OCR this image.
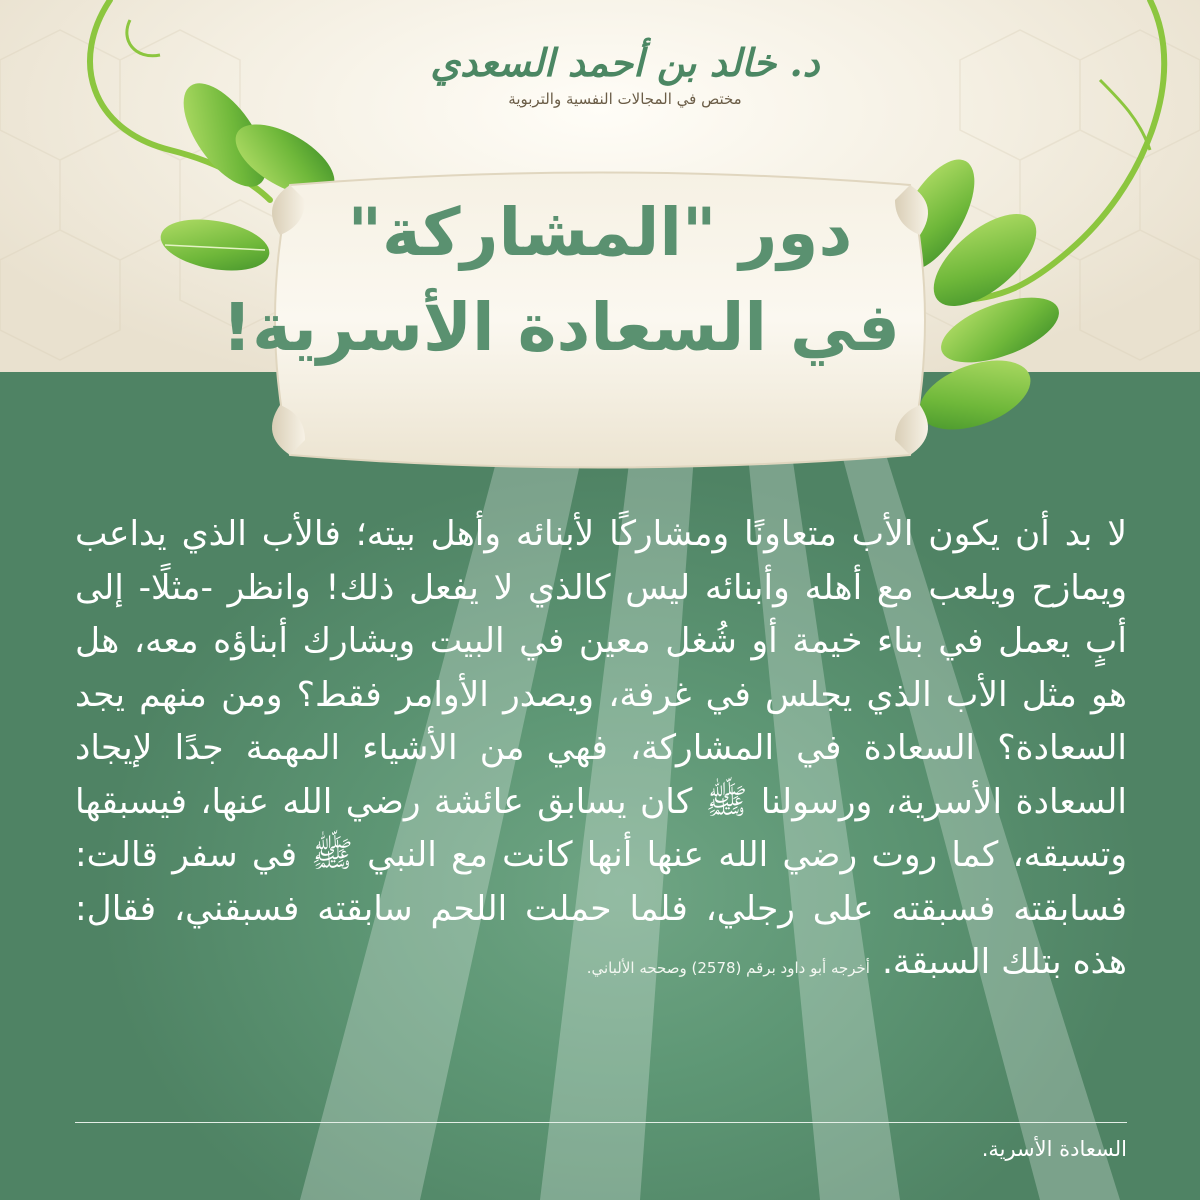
د. خالد بن أحمد السعدي
مختص في المجالات النفسية والتربوية
دور "المشاركة"
في السعادة الأسرية!

لا بد أن يكون الأب متعاونًا ومشاركًا لأبنائه وأهل بيته؛ فالأب الذي يداعب ويمازح ويلعب مع أهله وأبنائه ليس كالذي لا يفعل ذلك! وانظر -مثلًا- إلى أبٍ يعمل في بناء خيمة أو شُغل معين في البيت ويشارك أبناؤه معه، هل هو مثل الأب الذي يجلس في غرفة، ويصدر الأوامر فقط؟ ومن منهم يجد السعادة؟ السعادة في المشاركة، فهي من الأشياء المهمة جدًا لإيجاد السعادة الأسرية، ورسولنا ﷺ كان يسابق عائشة رضي الله عنها، فيسبقها وتسبقه، كما روت رضي الله عنها أنها كانت مع النبي ﷺ في سفر قالت: فسابقته فسبقته على رجلي، فلما حملت اللحم سابقته فسبقني، فقال: هذه بتلك السبقة.أخرجه أبو داود برقم (2578) وصححه الألباني.

السعادة الأسرية.
